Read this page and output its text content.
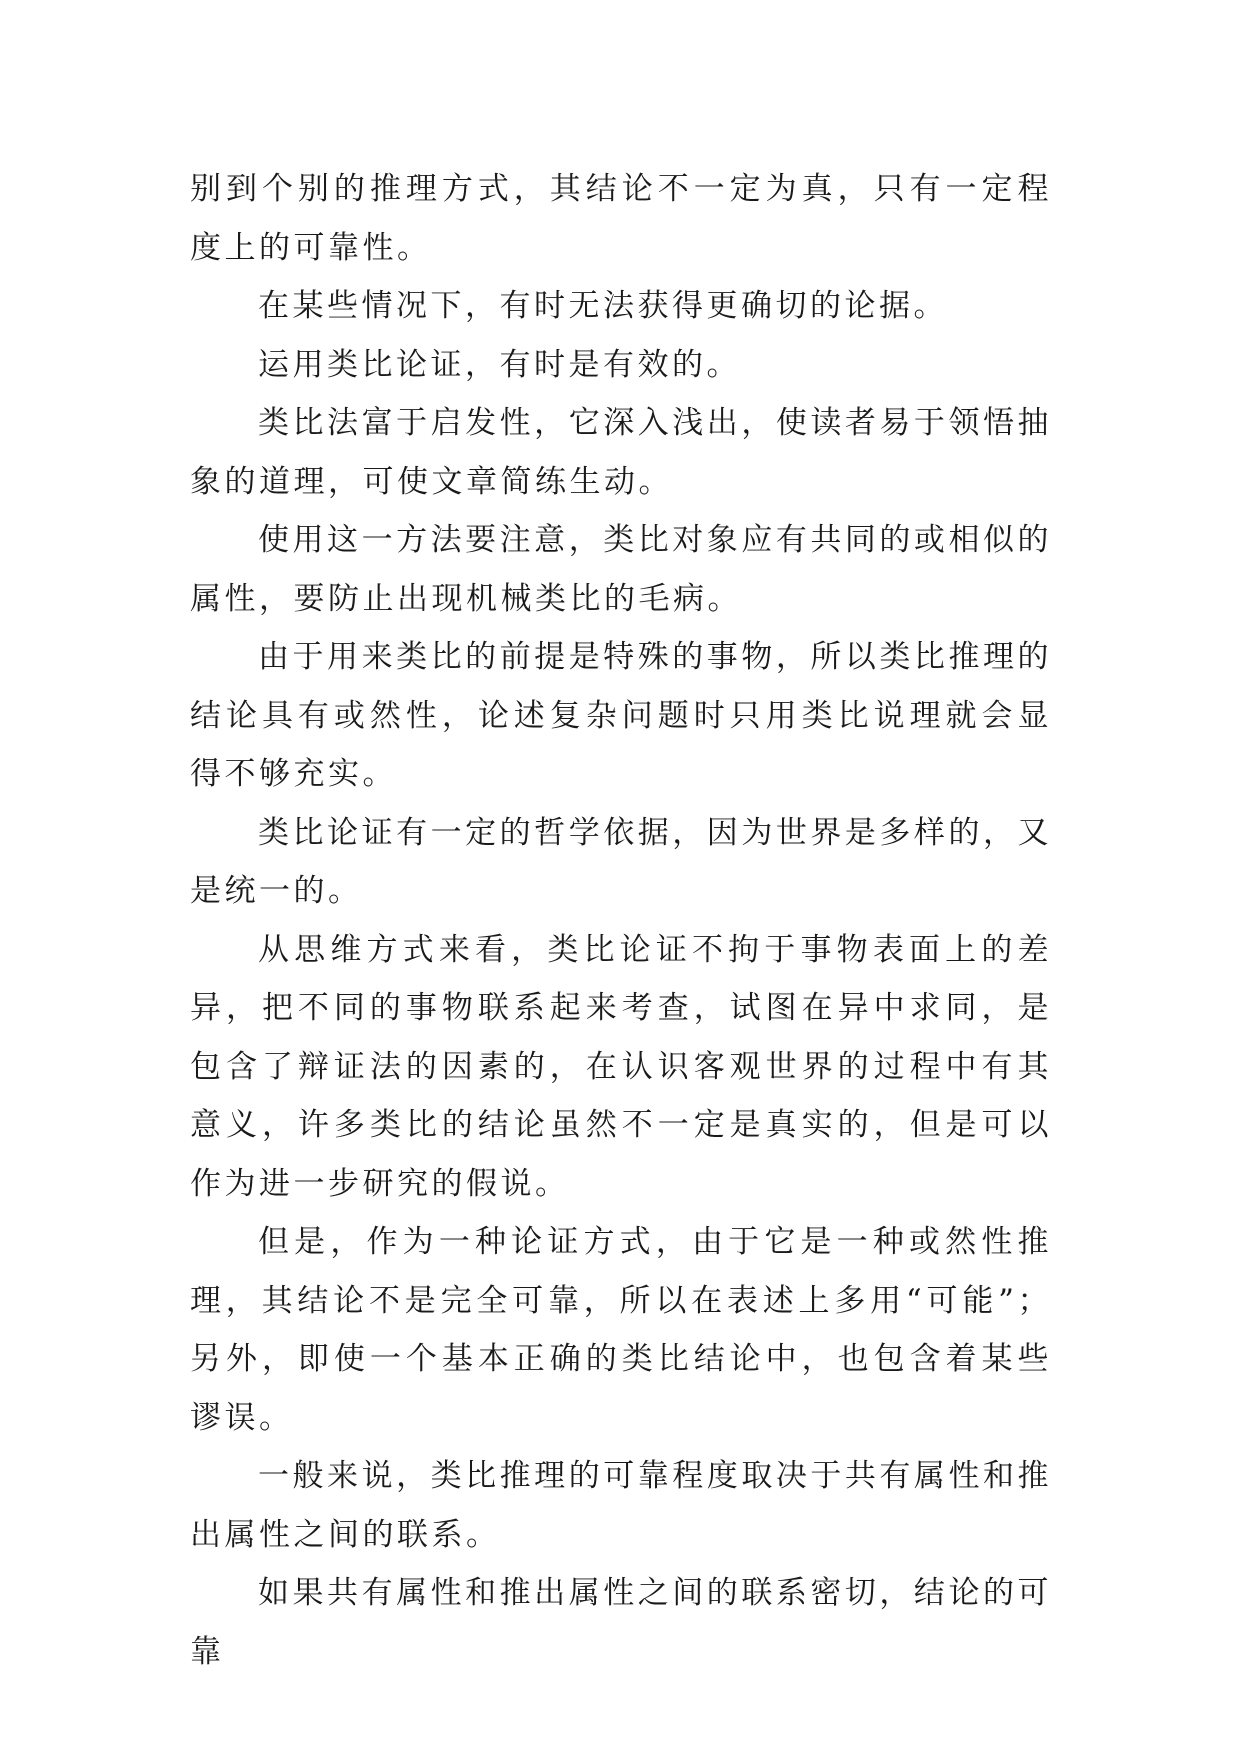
别到个别的推理方式，其结论不一定为真，只有一定程度上的可靠性。

在某些情况下，有时无法获得更确切的论据。

运用类比论证，有时是有效的。

类比法富于启发性，它深入浅出，使读者易于领悟抽象的道理，可使文章简练生动。

使用这一方法要注意，类比对象应有共同的或相似的属性，要防止出现机械类比的毛病。

由于用来类比的前提是特殊的事物，所以类比推理的结论具有或然性，论述复杂问题时只用类比说理就会显得不够充实。

类比论证有一定的哲学依据，因为世界是多样的，又是统一的。

从思维方式来看，类比论证不拘于事物表面上的差异，把不同的事物联系起来考查，试图在异中求同，是包含了辩证法的因素的，在认识客观世界的过程中有其意义，许多类比的结论虽然不一定是真实的，但是可以作为进一步研究的假说。

但是，作为一种论证方式，由于它是一种或然性推理，其结论不是完全可靠，所以在表述上多用“可能”；另外，即使一个基本正确的类比结论中，也包含着某些谬误。

一般来说，类比推理的可靠程度取决于共有属性和推出属性之间的联系。

如果共有属性和推出属性之间的联系密切，结论的可靠
